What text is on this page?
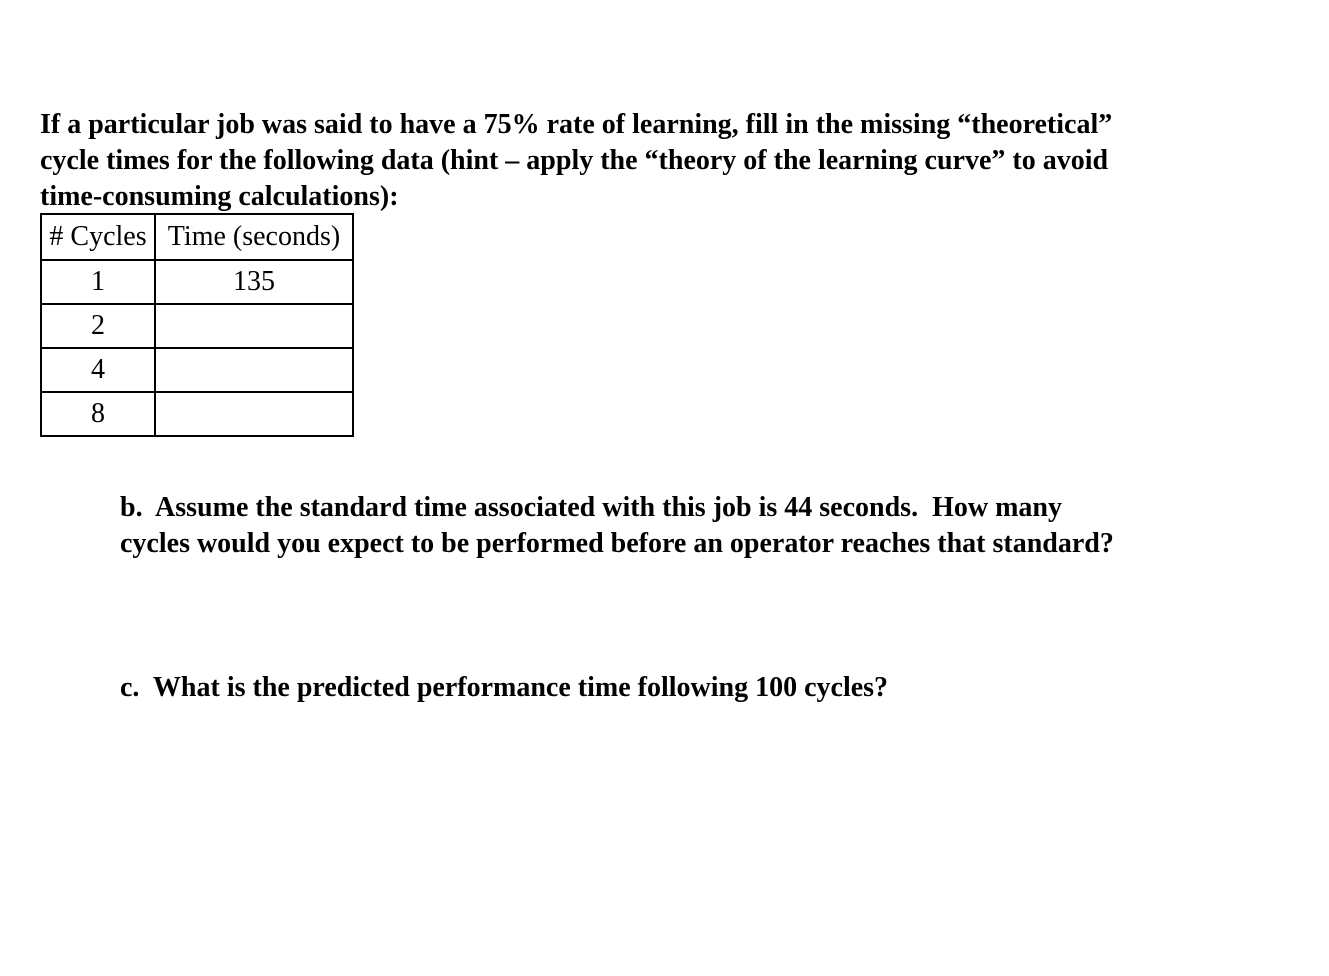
If a particular job was said to have a 75% rate of learning, fill in the missing “theoretical”
cycle times for the following data (hint – apply the “theory of the learning curve” to avoid
time-consuming calculations):

# Cycles	Time (seconds)
1	135
2	
4	
8	

b.  Assume the standard time associated with this job is 44 seconds.  How many
cycles would you expect to be performed before an operator reaches that standard?

c.  What is the predicted performance time following 100 cycles?
